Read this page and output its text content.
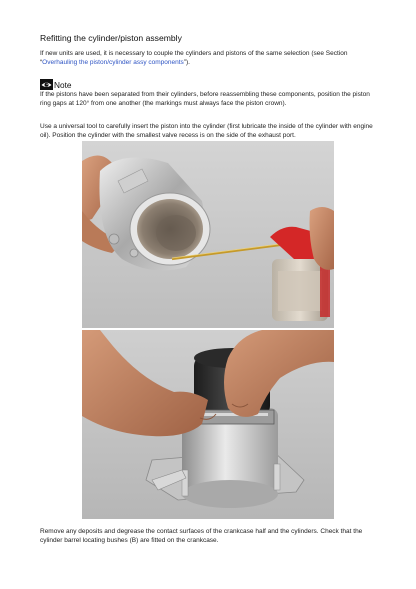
Refitting the cylinder/piston assembly
If new units are used, it is necessary to couple the cylinders and pistons of the same selection (see Section “Overhauling the piston/cylinder assy components”).
Note
If the pistons have been separated from their cylinders, before reassembling these components, position the piston ring gaps at 120° from one another (the markings must always face the piston crown).
Use a universal tool to carefully insert the piston into the cylinder (first lubricate the inside of the cylinder with engine oil). Position the cylinder with the smallest valve recess is on the side of the exhaust port.
Remove any deposits and degrease the contact surfaces of the crankcase half and the cylinders. Check that the cylinder barrel locating bushes (B) are fitted on the crankcase.
